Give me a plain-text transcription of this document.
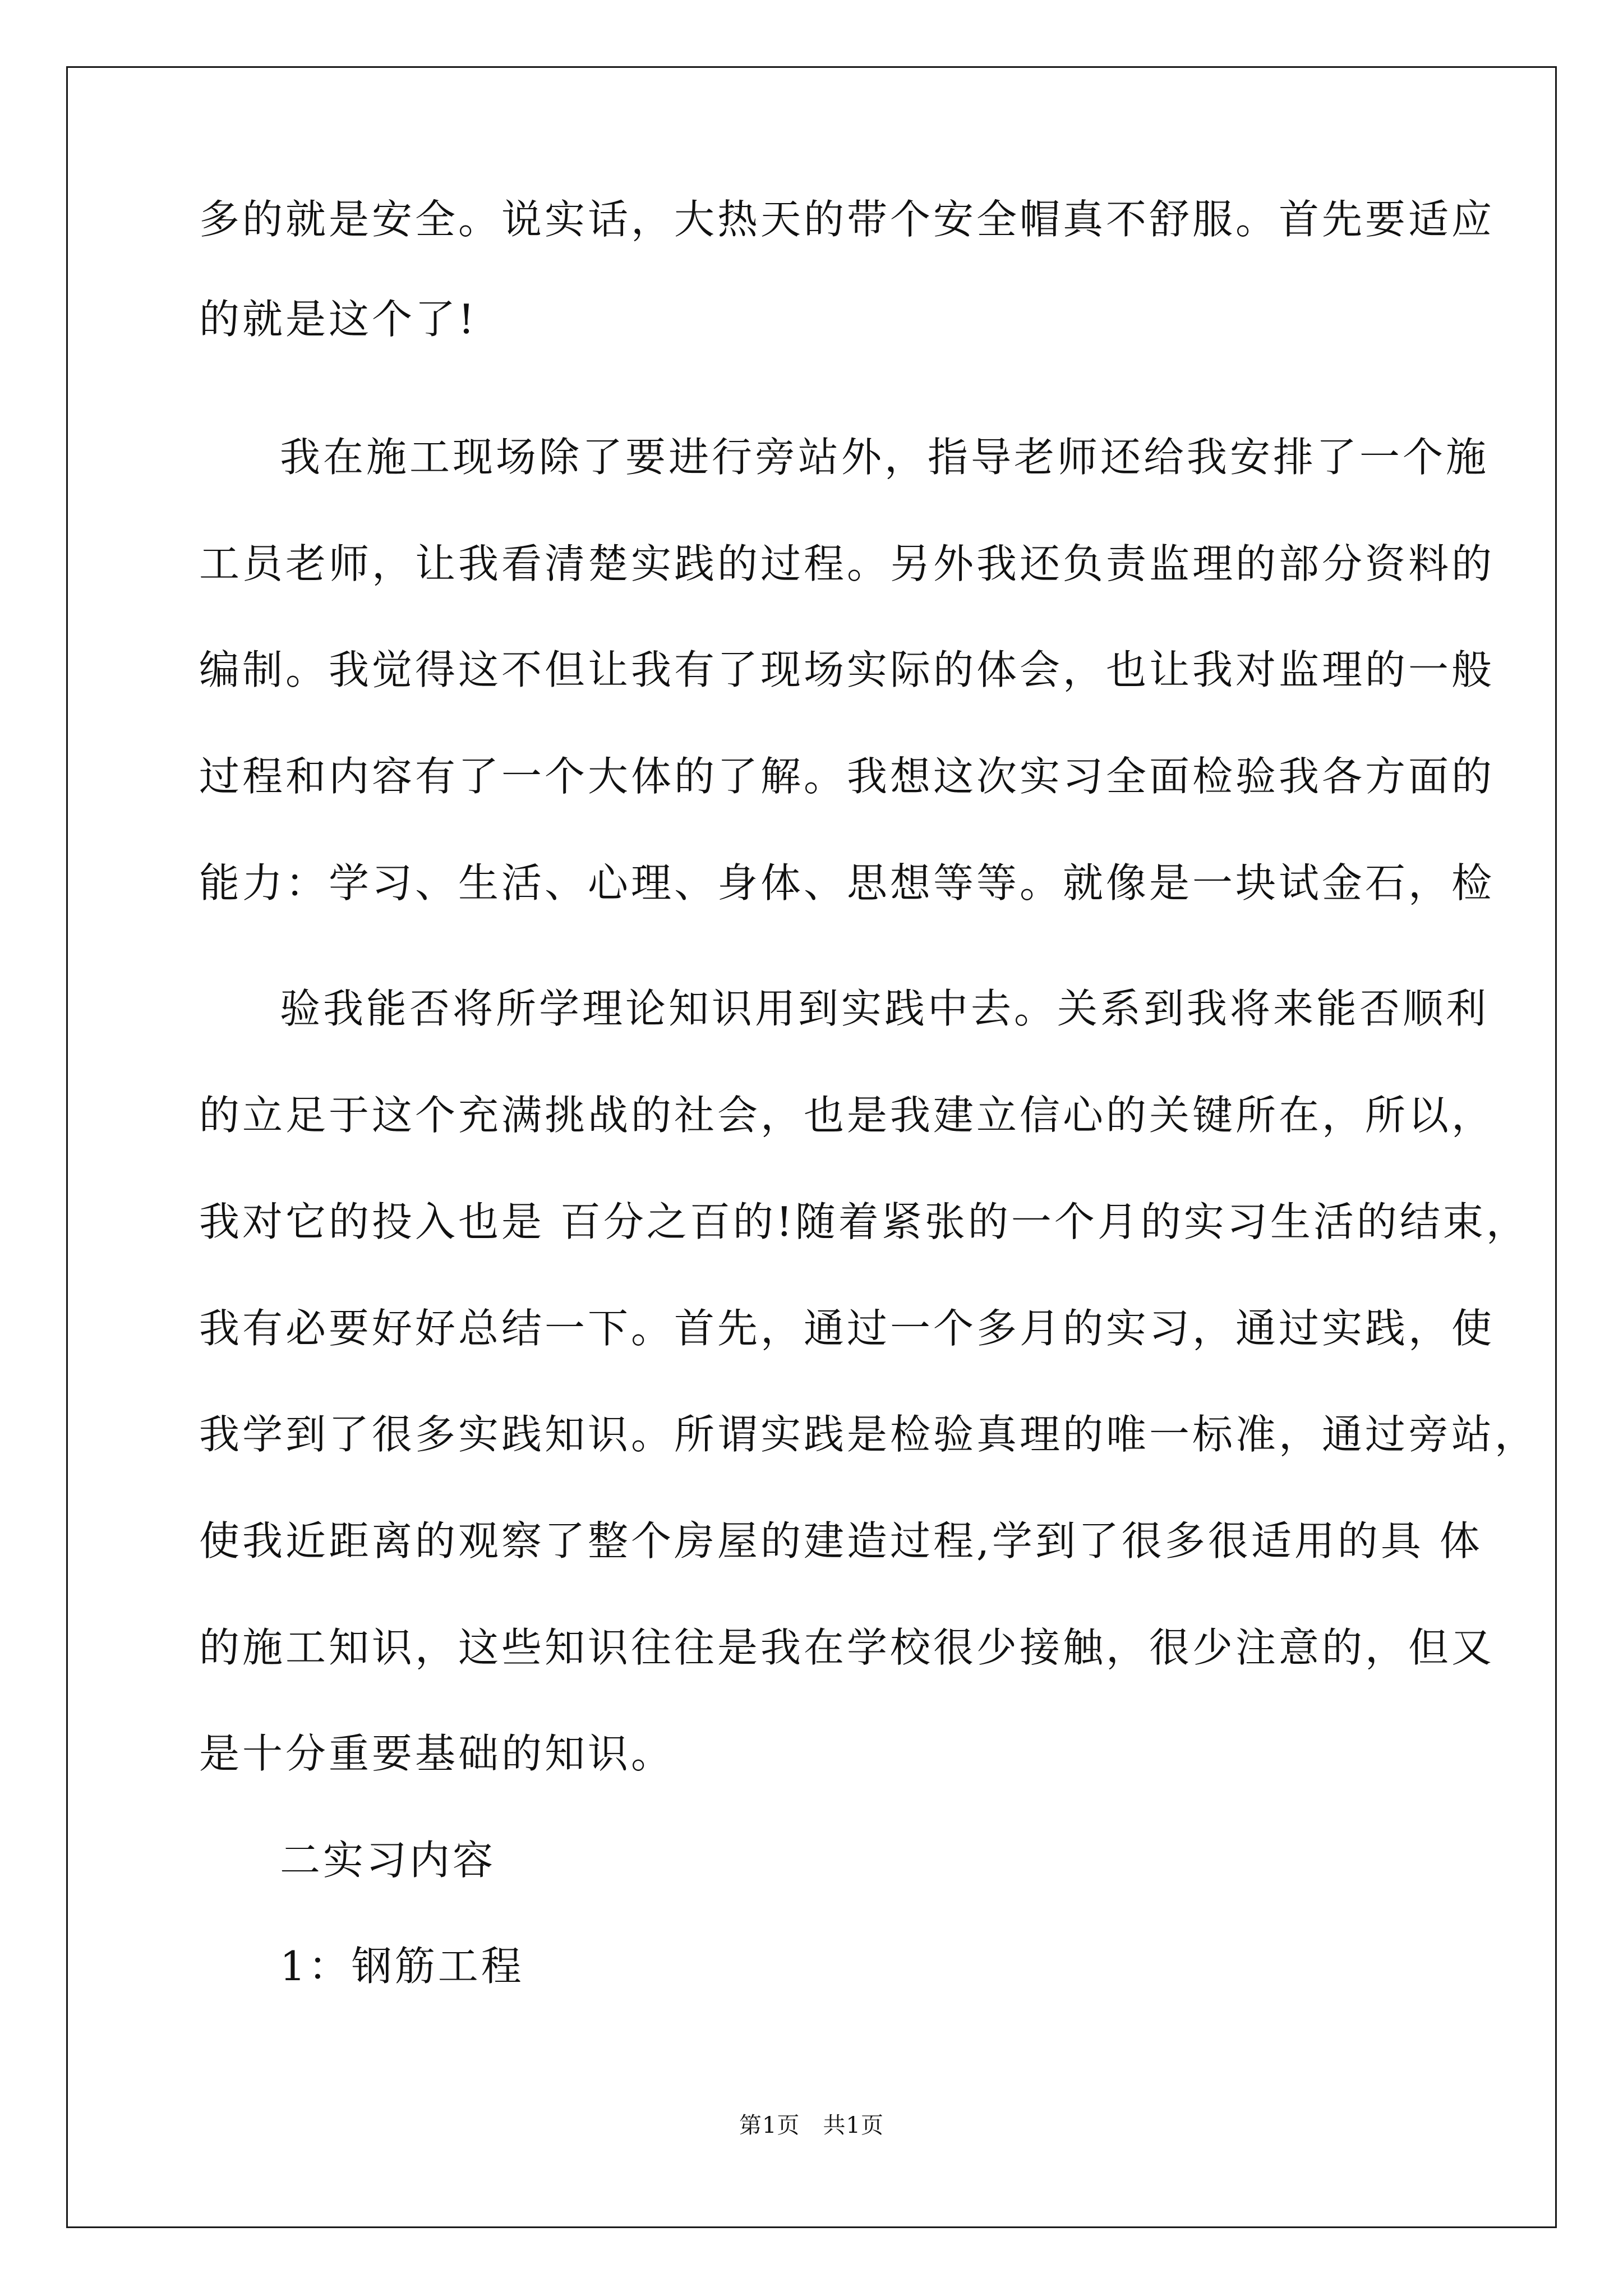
多的就是安全。说实话，大热天的带个安全帽真不舒服。首先要适应
的就是这个了!
我在施工现场除了要进行旁站外，指导老师还给我安排了一个施
工员老师，让我看清楚实践的过程。另外我还负责监理的部分资料的
编制。我觉得这不但让我有了现场实际的体会，也让我对监理的一般
过程和内容有了一个大体的了解。我想这次实习全面检验我各方面的
能力：学习、生活、心理、身体、思想等等。就像是一块试金石，检
验我能否将所学理论知识用到实践中去。关系到我将来能否顺利
的立足于这个充满挑战的社会，也是我建立信心的关键所在，所以，
我对它的投入也是 百分之百的!随着紧张的一个月的实习生活的结束，
我有必要好好总结一下。首先，通过一个多月的实习，通过实践，使
我学到了很多实践知识。所谓实践是检验真理的唯一标准，通过旁站，
使我近距离的观察了整个房屋的建造过程,学到了很多很适用的具 体
的施工知识，这些知识往往是我在学校很少接触，很少注意的，但又
是十分重要基础的知识。
二实习内容
1：钢筋工程
第1页   共1页
